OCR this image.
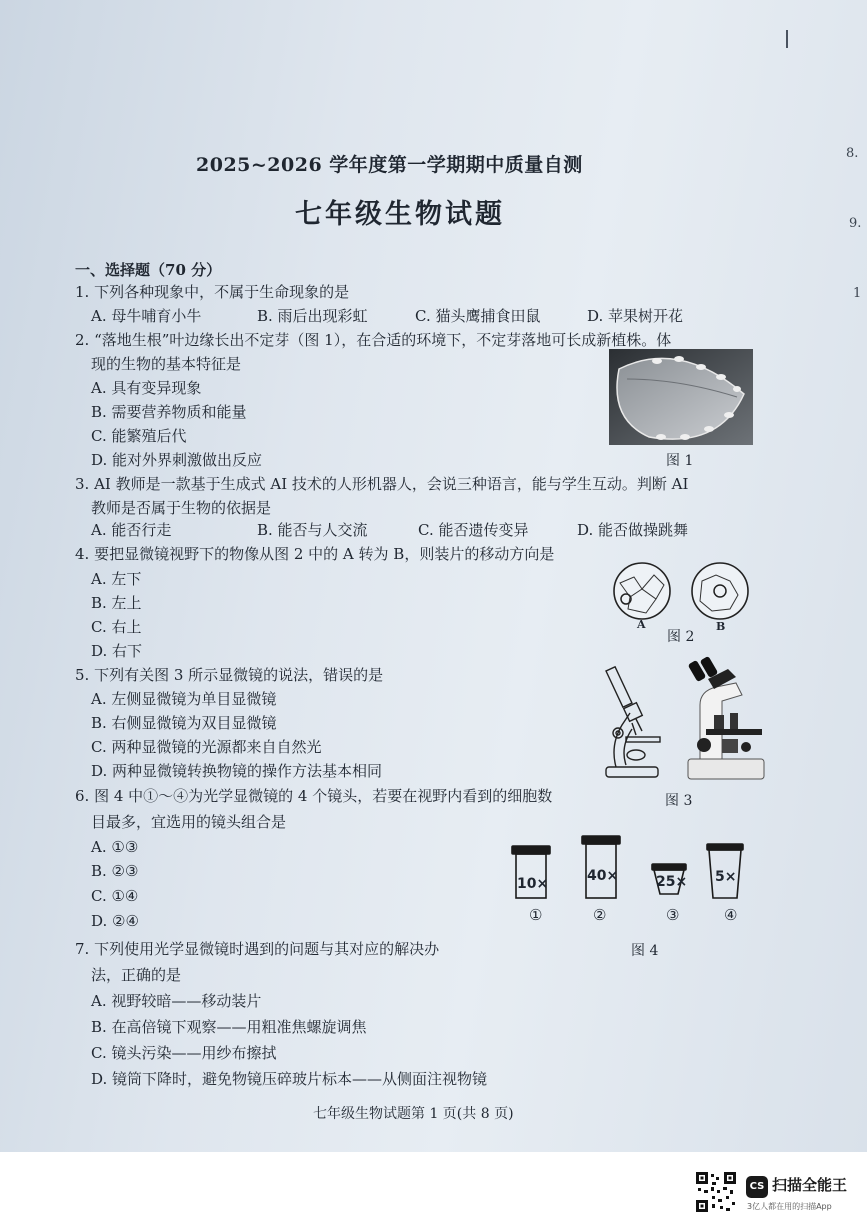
8.
9.
1
2025~2026 学年度第一学期期中质量自测
七年级生物试题
一、选择题（70 分）
1. 下列各种现象中，不属于生命现象的是
A. 母牛哺育小牛	B. 雨后出现彩虹	C. 猫头鹰捕食田鼠	D. 苹果树开花
2. “落地生根”叶边缘长出不定芽（图 1），在合适的环境下，不定芽落地可长成新植株。体
现的生物的基本特征是
A. 具有变异现象
B. 需要营养物质和能量
C. 能繁殖后代
D. 能对外界刺激做出反应	图 1
3. AI 教师是一款基于生成式 AI 技术的人形机器人，会说三种语言，能与学生互动。判断 AI
教师是否属于生物的依据是
A. 能否行走	B. 能否与人交流	C. 能否遗传变异	D. 能否做操跳舞
4. 要把显微镜视野下的物像从图 2 中的 A 转为 B，则装片的移动方向是
A. 左下
B. 左上
C. 右上
D. 右下
A	B
图 2
5. 下列有关图 3 所示显微镜的说法，错误的是
A. 左侧显微镜为单目显微镜
B. 右侧显微镜为双目显微镜
C. 两种显微镜的光源都来自自然光
D. 两种显微镜转换物镜的操作方法基本相同
图 3
6. 图 4 中①～④为光学显微镜的 4 个镜头，若要在视野内看到的细胞数
目最多，宜选用的镜头组合是
A. ①③
B. ②③
C. ①④
D. ②④
10×	40×	25× 5×
①	②	③	④
图 4
7. 下列使用光学显微镜时遇到的问题与其对应的解决办
法，正确的是
A. 视野较暗——移动装片
B. 在高倍镜下观察——用粗准焦螺旋调焦
C. 镜头污染——用纱布擦拭
D. 镜筒下降时，避免物镜压碎玻片标本——从侧面注视物镜
七年级生物试题第 1 页(共 8 页)
CS 扫描全能王
3亿人都在用的扫描App
